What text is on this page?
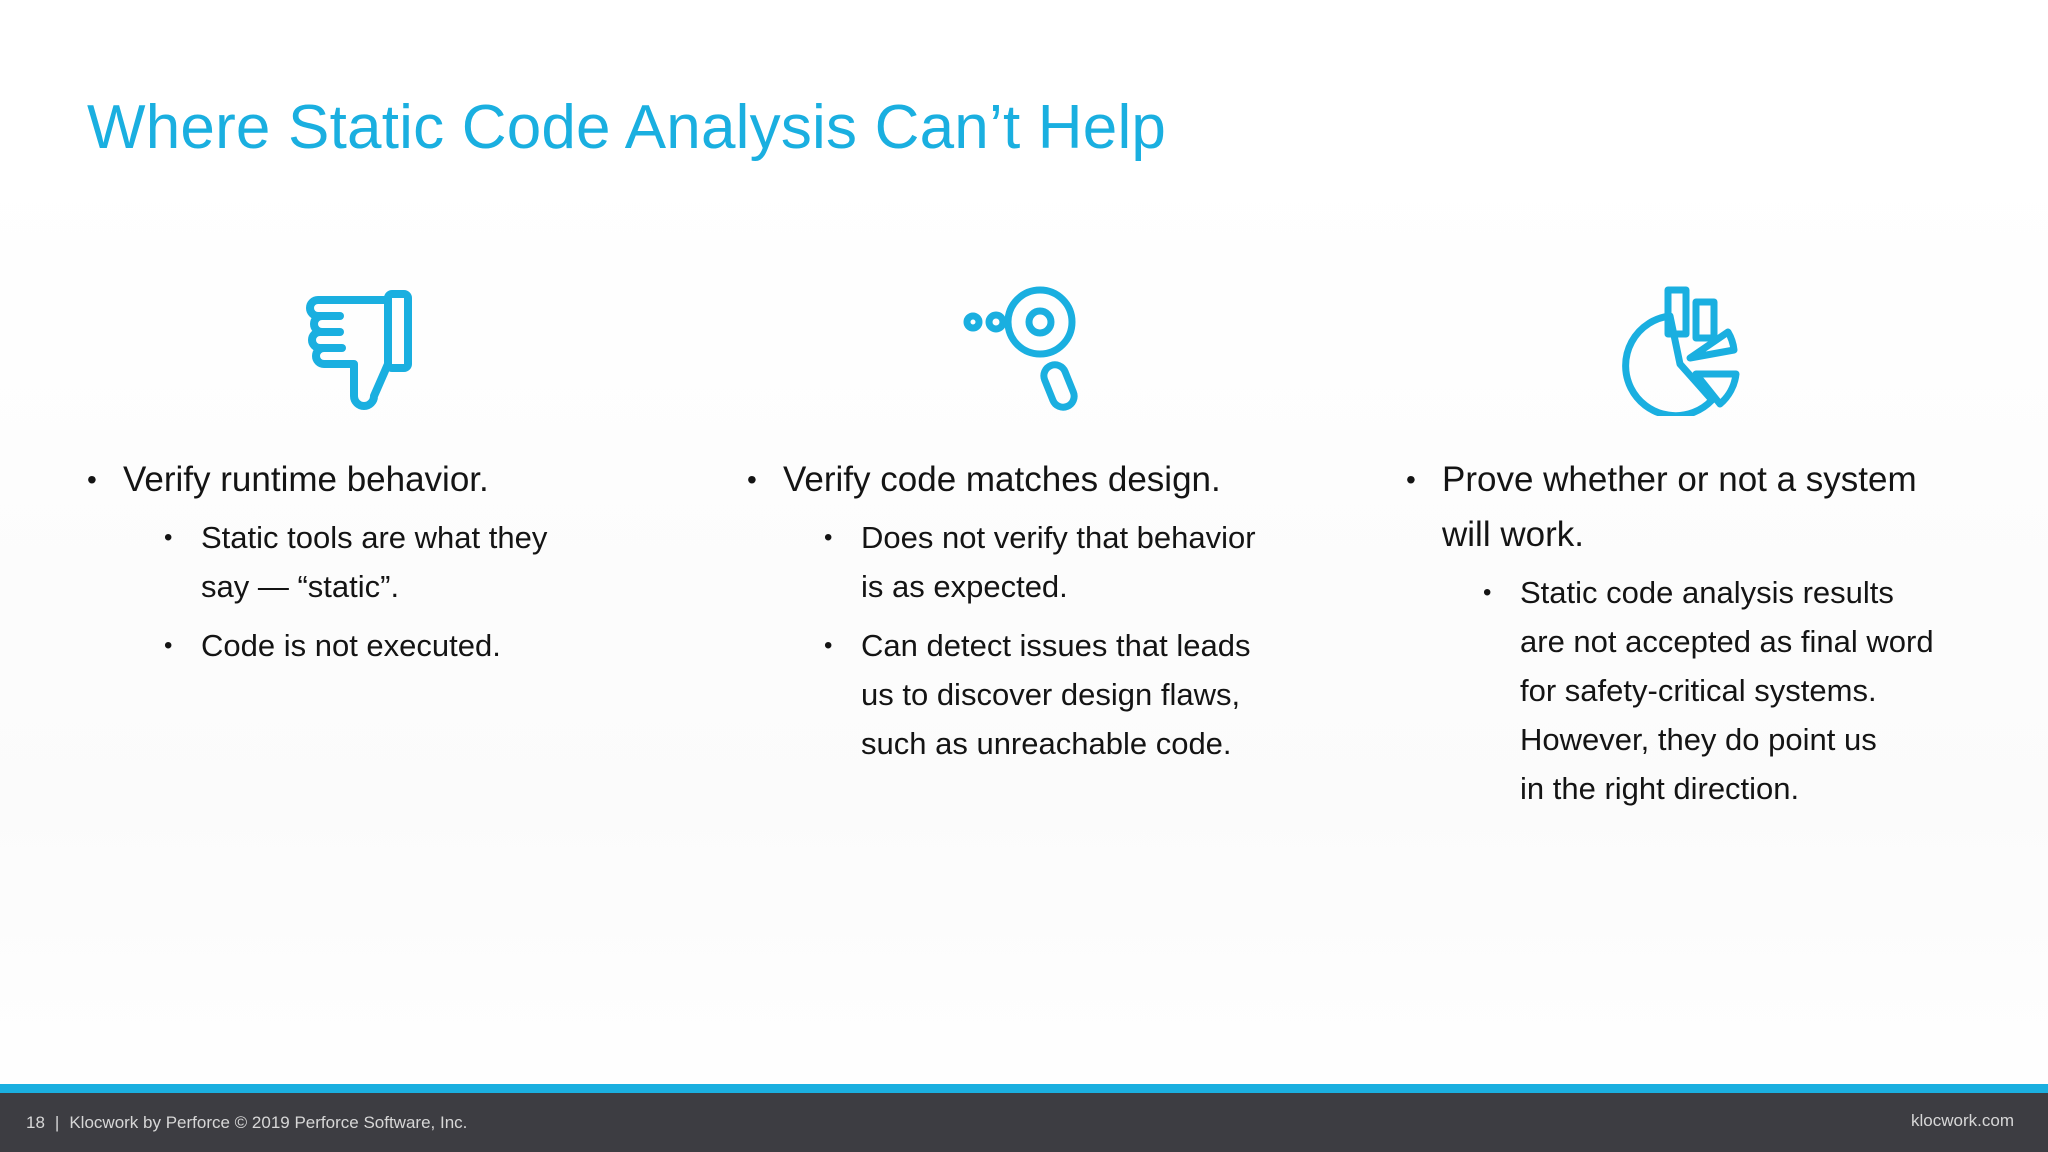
Where Static Code Analysis Can’t Help
• Verify runtime behavior.
• Static tools are what they
say — “static”.
• Code is not executed.
• Verify code matches design.
• Does not verify that behavior
is as expected.
• Can detect issues that leads
us to discover design flaws,
such as unreachable code.
• Prove whether or not a system
will work.
• Static code analysis results
are not accepted as final word
for safety-critical systems.
However, they do point us
in the right direction.
18 | Klocwork by Perforce © 2019 Perforce Software, Inc.	klocwork.com
